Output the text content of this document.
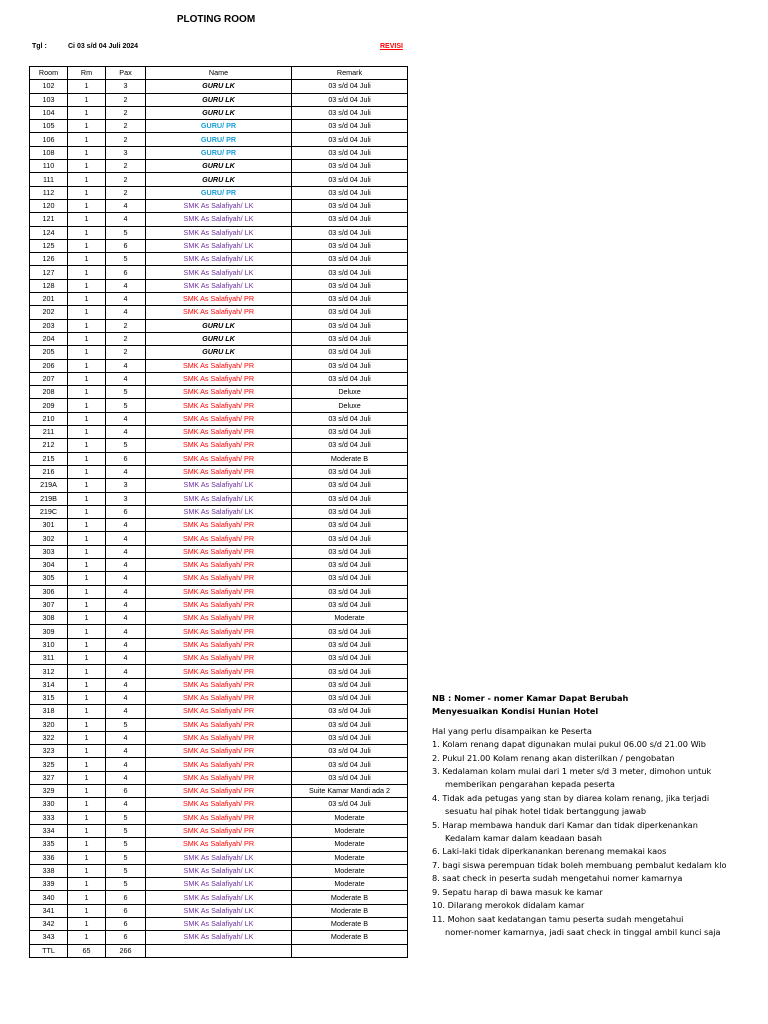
PLOTING ROOM
Tgl :	Ci 03 s/d 04 Juli 2024	REVISI
Room	Rm	Pax	Name	Remark
102	1	3	GURU LK	03 s/d 04 Juli
103	1	2	GURU LK	03 s/d 04 Juli
104	1	2	GURU LK	03 s/d 04 Juli
105	1	2	GURU/ PR	03 s/d 04 Juli
106	1	2	GURU/ PR	03 s/d 04 Juli
108	1	3	GURU/ PR	03 s/d 04 Juli
110	1	2	GURU LK	03 s/d 04 Juli
111	1	2	GURU LK	03 s/d 04 Juli
112	1	2	GURU/ PR	03 s/d 04 Juli
120	1	4	SMK As Salafiyah/ LK	03 s/d 04 Juli
121	1	4	SMK As Salafiyah/ LK	03 s/d 04 Juli
124	1	5	SMK As Salafiyah/ LK	03 s/d 04 Juli
125	1	6	SMK As Salafiyah/ LK	03 s/d 04 Juli
126	1	5	SMK As Salafiyah/ LK	03 s/d 04 Juli
127	1	6	SMK As Salafiyah/ LK	03 s/d 04 Juli
128	1	4	SMK As Salafiyah/ LK	03 s/d 04 Juli
201	1	4	SMK As Salafiyah/ PR	03 s/d 04 Juli
202	1	4	SMK As Salafiyah/ PR	03 s/d 04 Juli
203	1	2	GURU LK	03 s/d 04 Juli
204	1	2	GURU LK	03 s/d 04 Juli
205	1	2	GURU LK	03 s/d 04 Juli
206	1	4	SMK As Salafiyah/ PR	03 s/d 04 Juli
207	1	4	SMK As Salafiyah/ PR	03 s/d 04 Juli
208	1	5	SMK As Salafiyah/ PR	Deluxe
209	1	5	SMK As Salafiyah/ PR	Deluxe
210	1	4	SMK As Salafiyah/ PR	03 s/d 04 Juli
211	1	4	SMK As Salafiyah/ PR	03 s/d 04 Juli
212	1	5	SMK As Salafiyah/ PR	03 s/d 04 Juli
215	1	6	SMK As Salafiyah/ PR	Moderate B
216	1	4	SMK As Salafiyah/ PR	03 s/d 04 Juli
219A	1	3	SMK As Salafiyah/ LK	03 s/d 04 Juli
219B	1	3	SMK As Salafiyah/ LK	03 s/d 04 Juli
219C	1	6	SMK As Salafiyah/ LK	03 s/d 04 Juli
301	1	4	SMK As Salafiyah/ PR	03 s/d 04 Juli
302	1	4	SMK As Salafiyah/ PR	03 s/d 04 Juli
303	1	4	SMK As Salafiyah/ PR	03 s/d 04 Juli
304	1	4	SMK As Salafiyah/ PR	03 s/d 04 Juli
305	1	4	SMK As Salafiyah/ PR	03 s/d 04 Juli
306	1	4	SMK As Salafiyah/ PR	03 s/d 04 Juli
307	1	4	SMK As Salafiyah/ PR	03 s/d 04 Juli
308	1	4	SMK As Salafiyah/ PR	Moderate
309	1	4	SMK As Salafiyah/ PR	03 s/d 04 Juli
310	1	4	SMK As Salafiyah/ PR	03 s/d 04 Juli
311	1	4	SMK As Salafiyah/ PR	03 s/d 04 Juli
312	1	4	SMK As Salafiyah/ PR	03 s/d 04 Juli
314	1	4	SMK As Salafiyah/ PR	03 s/d 04 Juli
315	1	4	SMK As Salafiyah/ PR	03 s/d 04 Juli
318	1	4	SMK As Salafiyah/ PR	03 s/d 04 Juli
320	1	5	SMK As Salafiyah/ PR	03 s/d 04 Juli
322	1	4	SMK As Salafiyah/ PR	03 s/d 04 Juli
323	1	4	SMK As Salafiyah/ PR	03 s/d 04 Juli
325	1	4	SMK As Salafiyah/ PR	03 s/d 04 Juli
327	1	4	SMK As Salafiyah/ PR	03 s/d 04 Juli
329	1	6	SMK As Salafiyah/ PR	Suite Kamar Mandi ada 2
330	1	4	SMK As Salafiyah/ PR	03 s/d 04 Juli
333	1	5	SMK As Salafiyah/ PR	Moderate
334	1	5	SMK As Salafiyah/ PR	Moderate
335	1	5	SMK As Salafiyah/ PR	Moderate
336	1	5	SMK As Salafiyah/ LK	Moderate
338	1	5	SMK As Salafiyah/ LK	Moderate
339	1	5	SMK As Salafiyah/ LK	Moderate
340	1	6	SMK As Salafiyah/ LK	Moderate B
341	1	6	SMK As Salafiyah/ LK	Moderate B
342	1	6	SMK As Salafiyah/ LK	Moderate B
343	1	6	SMK As Salafiyah/ LK	Moderate B
TTL	65	266		
NB : Nomer - nomer Kamar Dapat Berubah
Menyesuaikan Kondisi Hunian Hotel
Hal yang perlu disampaikan ke Peserta
1. Kolam renang dapat digunakan mulai pukul 06.00 s/d 21.00 Wib
2. Pukul 21.00 Kolam renang akan disterilkan / pengobatan
3. Kedalaman kolam mulai dari 1 meter s/d 3 meter, dimohon untuk
memberikan pengarahan kepada peserta
4. Tidak ada petugas yang stan by diarea kolam renang, jika terjadi
sesuatu hal pihak hotel tidak bertanggung jawab
5. Harap membawa handuk dari Kamar dan tidak diperkenankan
Kedalam kamar dalam keadaan basah
6. Laki-laki tidak diperkanankan berenang memakai kaos
7. bagi siswa perempuan tidak boleh membuang pembalut kedalam klo
8. saat check in peserta sudah mengetahui nomer kamarnya
9. Sepatu harap di bawa masuk ke kamar
10. Dilarang merokok didalam kamar
11. Mohon saat kedatangan tamu peserta sudah mengetahui
nomer-nomer kamarnya, jadi saat check in tinggal ambil kunci saja
